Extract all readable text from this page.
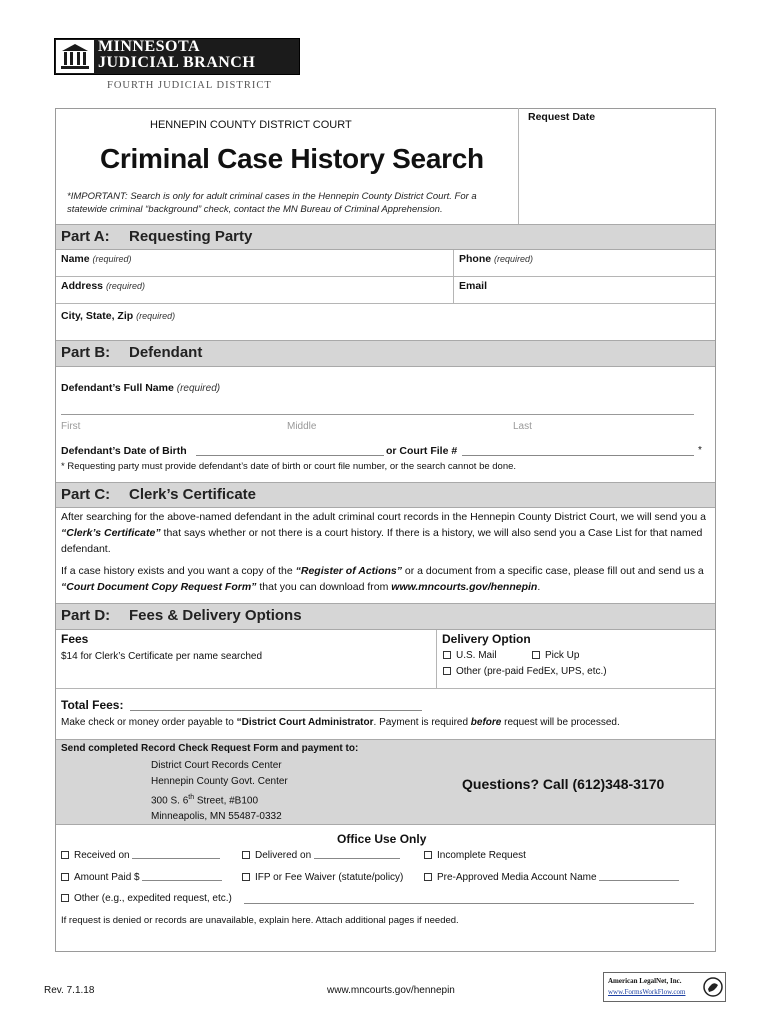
MINNESOTA
JUDICIAL BRANCH
FOURTH JUDICIAL DISTRICT
HENNEPIN COUNTY DISTRICT COURT
Request Date
Criminal Case History Search
*IMPORTANT: Search is only for adult criminal cases in the Hennepin County District Court. For a statewide criminal “background” check, contact the MN Bureau of Criminal Apprehension.
Part A: Requesting Party
Name (required)	Phone (required)
Address (required)	Email
City, State, Zip (required)
Part B: Defendant
Defendant’s Full Name (required)
First	Middle	Last
Defendant’s Date of Birth	or Court File #	*
* Requesting party must provide defendant’s date of birth or court file number, or the search cannot be done.
Part C: Clerk’s Certificate
After searching for the above-named defendant in the adult criminal court records in the Hennepin County District Court, we will send you a “Clerk’s Certificate” that says whether or not there is a court history. If there is a history, we will also send you a Case List for that named defendant.
If a case history exists and you want a copy of the “Register of Actions” or a document from a specific case, please fill out and send us a “Court Document Copy Request Form” that you can download from www.mncourts.gov/hennepin.
Part D: Fees & Delivery Options
Fees
$14 for Clerk’s Certificate per name searched
Delivery Option
U.S. Mail	Pick Up
Other (pre-paid FedEx, UPS, etc.)
Total Fees:
Make check or money order payable to “District Court Administrator. Payment is required before request will be processed.
Send completed Record Check Request Form and payment to:
District Court Records Center
Hennepin County Govt. Center
300 S. 6th Street, #B100
Minneapolis, MN 55487-0332
Questions? Call (612)348-3170
Office Use Only
Received on	Delivered on	Incomplete Request
Amount Paid $	IFP or Fee Waiver (statute/policy)	Pre-Approved Media Account Name
Other (e.g., expedited request, etc.)
If request is denied or records are unavailable, explain here. Attach additional pages if needed.
Rev. 7.1.18	www.mncourts.gov/hennepin
American LegalNet, Inc.
www.FormsWorkFlow.com
